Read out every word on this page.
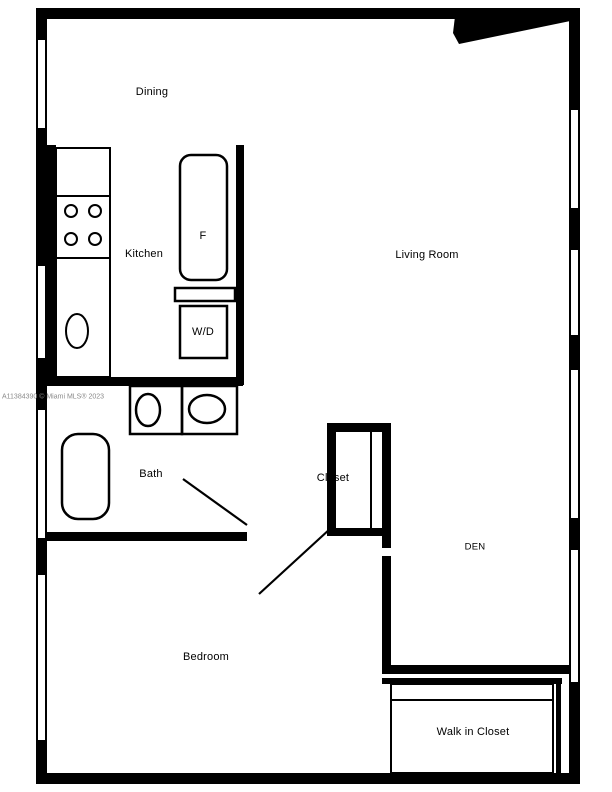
Dining
Kitchen
F
W/D
Living Room
Bath	Closet
DEN
Bedroom
Walk in Closet
A11384390 © Miami MLS® 2023
